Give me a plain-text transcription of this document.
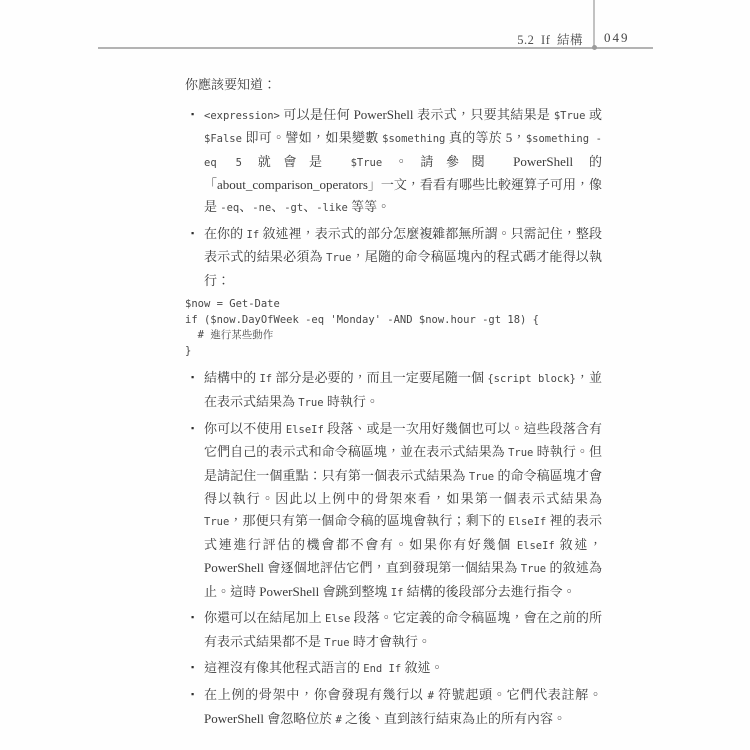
5.2 If 結構 049

你應該要知道：

▪ <expression> 可以是任何 PowerShell 表示式，只要其結果是 $True 或 $False 即可。譬如，如果變數 $something 真的等於 5，$something -eq 5 就會是 $True。請參閱 PowerShell 的「about_comparison_operators」一文，看看有哪些比較運算子可用，像是 -eq、-ne、-gt、-like 等等。
▪ 在你的 If 敘述裡，表示式的部分怎麼複雜都無所謂。只需記住，整段表示式的結果必須為 True，尾隨的命令稿區塊內的程式碼才能得以執行：
$now = Get-Date
if ($now.DayOfWeek -eq 'Monday' -AND $now.hour -gt 18) {
# 進行某些動作
}
▪ 結構中的 If 部分是必要的，而且一定要尾隨一個 {script block}，並在表示式結果為 True 時執行。
▪ 你可以不使用 ElseIf 段落、或是一次用好幾個也可以。這些段落含有它們自己的表示式和命令稿區塊，並在表示式結果為 True 時執行。但是請記住一個重點：只有第一個表示式結果為 True 的命令稿區塊才會得以執行。因此以上例中的骨架來看，如果第一個表示式結果為 True，那便只有第一個命令稿的區塊會執行；剩下的 ElseIf 裡的表示式連進行評估的機會都不會有。如果你有好幾個 ElseIf 敘述，PowerShell 會逐個地評估它們，直到發現第一個結果為 True 的敘述為止。這時 PowerShell 會跳到整塊 If 結構的後段部分去進行指令。
▪ 你還可以在結尾加上 Else 段落。它定義的命令稿區塊，會在之前的所有表示式結果都不是 True 時才會執行。
▪ 這裡沒有像其他程式語言的 End If 敘述。
▪ 在上例的骨架中，你會發現有幾行以 # 符號起頭。它們代表註解。PowerShell 會忽略位於 # 之後、直到該行結束為止的所有內容。
